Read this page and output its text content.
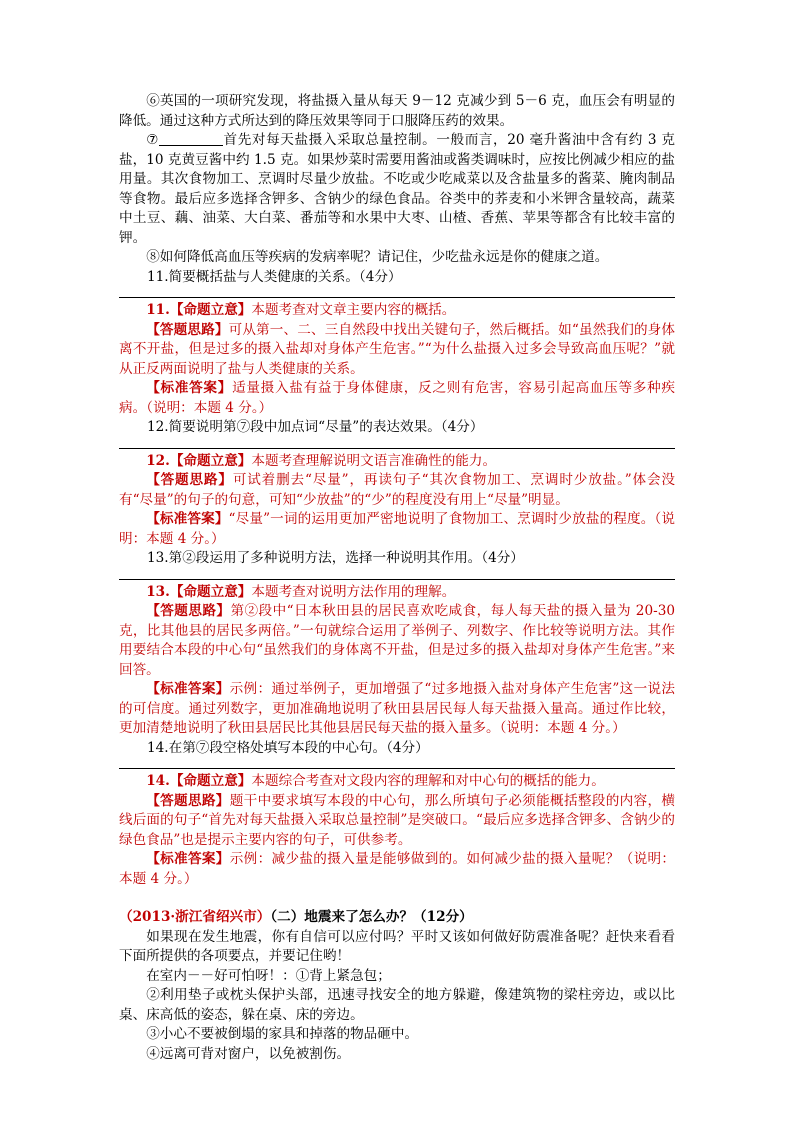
⑥英国的一项研究发现，将盐摄入量从每天 9－12 克减少到 5－6 克，血压会有明显的降低。通过这种方式所达到的降压效果等同于口服降压药的效果。

⑦	首先对每天盐摄入采取总量控制。一般而言，20 毫升酱油中含有约 3 克盐，10 克黄豆酱中约 1.5 克。如果炒菜时需要用酱油或酱类调味时，应按比例减少相应的盐用量。其次食物加工、烹调时尽量少放盐。不吃或少吃咸菜以及含盐量多的酱菜、腌肉制品等食物。最后应多选择含钾多、含钠少的绿色食品。谷类中的荞麦和小米钾含量较高，蔬菜中土豆、藕、油菜、大白菜、番茄等和水果中大枣、山楂、香蕉、苹果等都含有比较丰富的钾。

⑧如何降低高血压等疾病的发病率呢？请记住，少吃盐永远是你的健康之道。

11.简要概括盐与人类健康的关系。（4分）

11.【命题立意】本题考查对文章主要内容的概括。

【答题思路】可从第一、二、三自然段中找出关键句子，然后概括。如“虽然我们的身体离不开盐，但是过多的摄入盐却对身体产生危害。”“为什么盐摄入过多会导致高血压呢？”就从正反两面说明了盐与人类健康的关系。

【标准答案】适量摄入盐有益于身体健康，反之则有危害，容易引起高血压等多种疾病。（说明：本题 4 分。）

12.简要说明第⑦段中加点词“尽量”的表达效果。（4分）

12.【命题立意】本题考查理解说明文语言准确性的能力。

【答题思路】可试着删去“尽量”，再读句子“其次食物加工、烹调时少放盐。”体会没有“尽量”的句子的句意，可知“少放盐”的“少”的程度没有用上“尽量”明显。

【标准答案】“尽量”一词的运用更加严密地说明了食物加工、烹调时少放盐的程度。（说明：本题 4 分。）

13.第②段运用了多种说明方法，选择一种说明其作用。（4分）

13.【命题立意】本题考查对说明方法作用的理解。

【答题思路】第②段中“日本秋田县的居民喜欢吃咸食，每人每天盐的摄入量为 20-30 克，比其他县的居民多两倍。”一句就综合运用了举例子、列数字、作比较等说明方法。其作用要结合本段的中心句“虽然我们的身体离不开盐，但是过多的摄入盐却对身体产生危害。”来回答。

【标准答案】示例：通过举例子，更加增强了“过多地摄入盐对身体产生危害”这一说法的可信度。通过列数字，更加准确地说明了秋田县居民每人每天盐摄入量高。通过作比较，更加清楚地说明了秋田县居民比其他县居民每天盐的摄入量多。（说明：本题 4 分。）

14.在第⑦段空格处填写本段的中心句。（4分）

14.【命题立意】本题综合考查对文段内容的理解和对中心句的概括的能力。

【答题思路】题干中要求填写本段的中心句，那么所填句子必须能概括整段的内容，横线后面的句子“首先对每天盐摄入采取总量控制”是突破口。“最后应多选择含钾多、含钠少的绿色食品”也是提示主要内容的句子，可供参考。

【标准答案】示例：减少盐的摄入量是能够做到的。如何减少盐的摄入量呢？（说明：本题 4 分。）

（2013·浙江省绍兴市）（二）地震来了怎么办？（12分）

如果现在发生地震，你有自信可以应付吗？平时又该如何做好防震准备呢？赶快来看看下面所提供的各项要点，并要记住哟！

在室内－－好可怕呀！：①背上紧急包；

②利用垫子或枕头保护头部，迅速寻找安全的地方躲避，像建筑物的梁柱旁边，或以比桌、床高低的姿态，躲在桌、床的旁边。

③小心不要被倒塌的家具和掉落的物品砸中。

④远离可背对窗户，以免被割伤。
